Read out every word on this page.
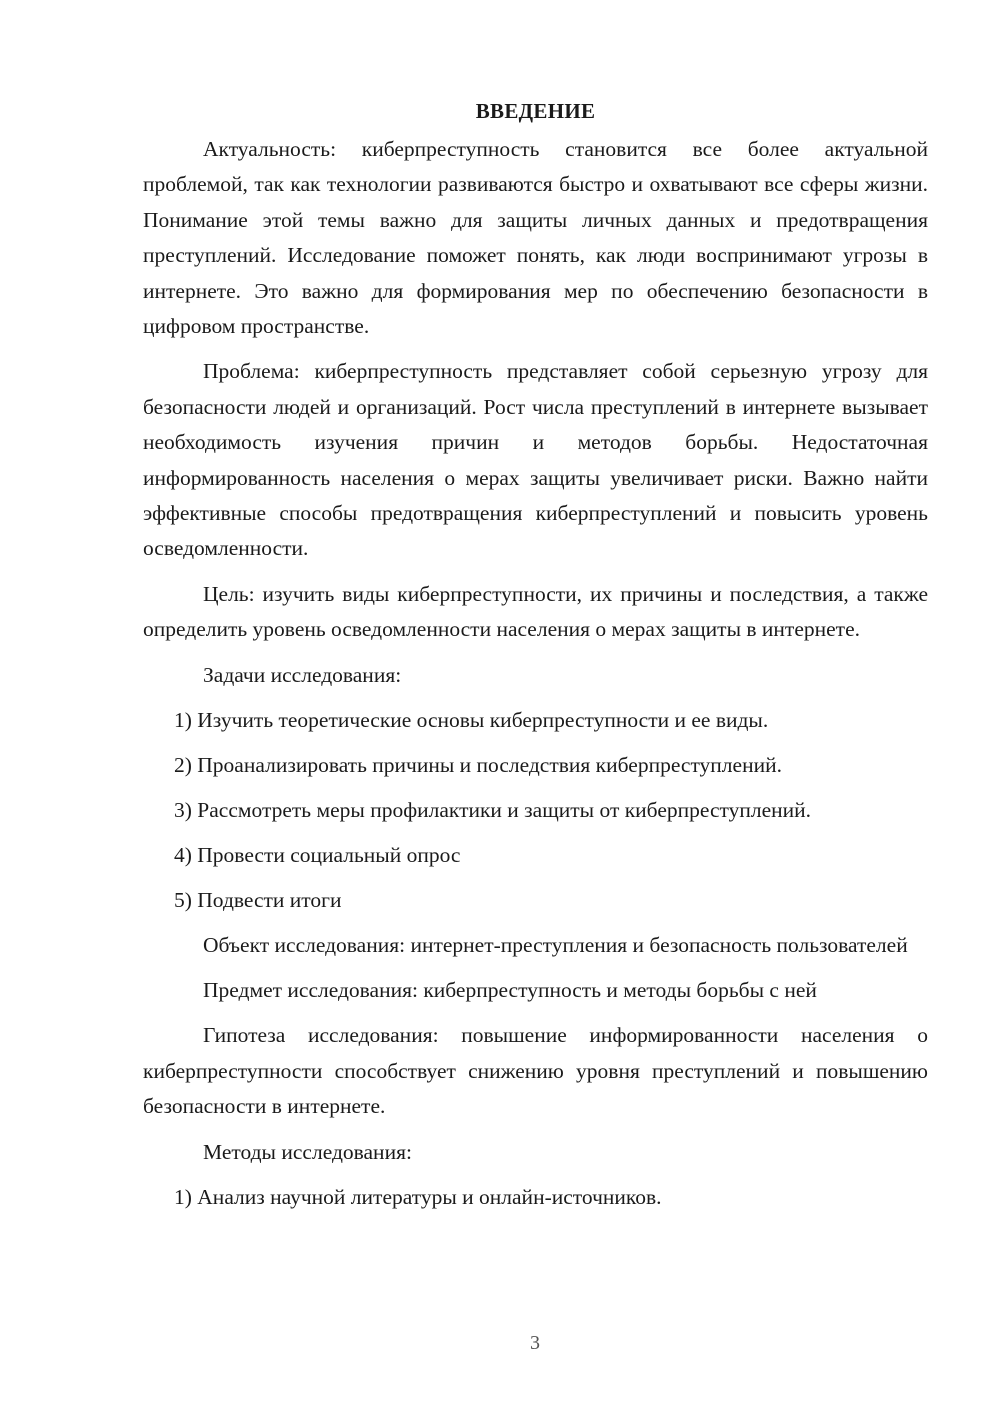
ВВЕДЕНИЕ

Актуальность: киберпреступность становится все более актуальной проблемой, так как технологии развиваются быстро и охватывают все сферы жизни. Понимание этой темы важно для защиты личных данных и предотвращения преступлений. Исследование поможет понять, как люди воспринимают угрозы в интернете. Это важно для формирования мер по обеспечению безопасности в цифровом пространстве.

Проблема: киберпреступность представляет собой серьезную угрозу для безопасности людей и организаций. Рост числа преступлений в интернете вызывает необходимость изучения причин и методов борьбы. Недостаточная информированность населения о мерах защиты увеличивает риски. Важно найти эффективные способы предотвращения киберпреступлений и повысить уровень осведомленности.

Цель: изучить виды киберпреступности, их причины и последствия, а также определить уровень осведомленности населения о мерах защиты в интернете.

Задачи исследования:
1) Изучить теоретические основы киберпреступности и ее виды.
2) Проанализировать причины и последствия киберпреступлений.
3) Рассмотреть меры профилактики и защиты от киберпреступлений.
4) Провести социальный опрос
5) Подвести итоги

Объект исследования: интернет-преступления и безопасность пользователей

Предмет исследования: киберпреступность и методы борьбы с ней

Гипотеза исследования: повышение информированности населения о киберпреступности способствует снижению уровня преступлений и повышению безопасности в интернете.

Методы исследования:
1) Анализ научной литературы и онлайн-источников.
3
